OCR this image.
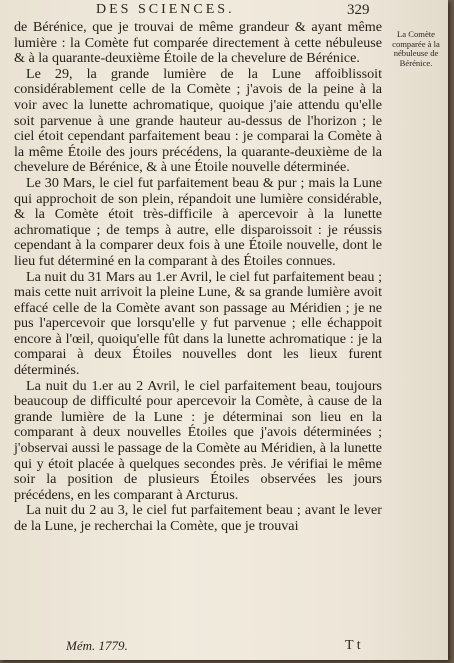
DES SCIENCES.	329
La Comète comparée à la nébuleuse de Bérénice.

de Bérénice, que je trouvai de même grandeur & ayant même lumière : la Comète fut comparée directement à cette nébuleuse & à la quarante-deuxième Étoile de la chevelure de Bérénice.

Le 29, la grande lumière de la Lune affoiblissoit considérablement celle de la Comète ; j'avois de la peine à la voir avec la lunette achromatique, quoique j'aie attendu qu'elle soit parvenue à une grande hauteur au-dessus de l'horizon ; le ciel étoit cependant parfaitement beau : je comparai la Comète à la même Étoile des jours précédens, la quarante-deuxième de la chevelure de Bérénice, & à une Étoile nouvelle déterminée.

Le 30 Mars, le ciel fut parfaitement beau & pur ; mais la Lune qui approchoit de son plein, répandoit une lumière considérable, & la Comète étoit très-difficile à apercevoir à la lunette achromatique ; de temps à autre, elle disparoissoit : je réussis cependant à la comparer deux fois à une Étoile nouvelle, dont le lieu fut déterminé en la comparant à des Étoiles connues.

La nuit du 31 Mars au 1.er Avril, le ciel fut parfaitement beau ; mais cette nuit arrivoit la pleine Lune, & sa grande lumière avoit effacé celle de la Comète avant son passage au Méridien ; je ne pus l'apercevoir que lorsqu'elle y fut parvenue ; elle échappoit encore à l'œil, quoiqu'elle fût dans la lunette achromatique : je la comparai à deux Étoiles nouvelles dont les lieux furent déterminés.

La nuit du 1.er au 2 Avril, le ciel parfaitement beau, toujours beaucoup de difficulté pour apercevoir la Comète, à cause de la grande lumière de la Lune : je déterminai son lieu en la comparant à deux nouvelles Étoiles que j'avois déterminées ; j'observai aussi le passage de la Comète au Méridien, à la lunette qui y étoit placée à quelques secondes près. Je vérifiai le même soir la position de plusieurs Étoiles observées les jours précédens, en les comparant à Arcturus.

La nuit du 2 au 3, le ciel fut parfaitement beau ; avant le lever de la Lune, je recherchai la Comète, que je trouvai

Mém. 1779.	T t
